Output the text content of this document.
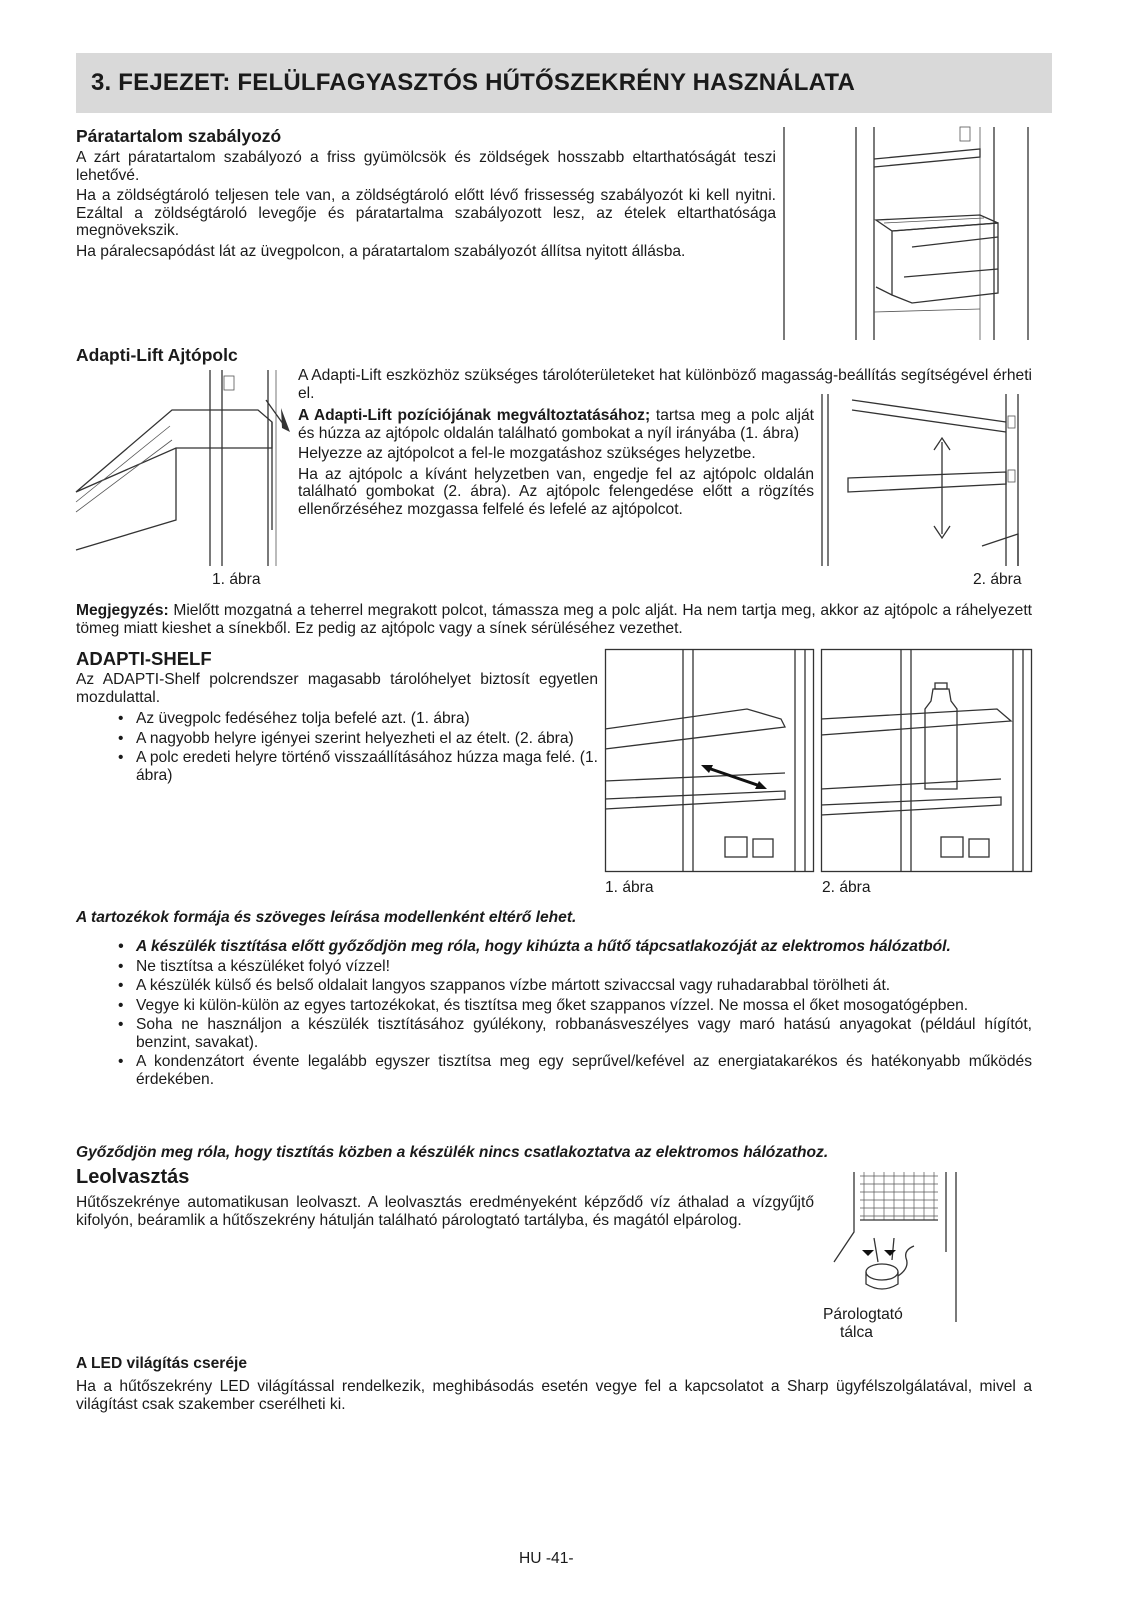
3. FEJEZET: FELÜLFAGYASZTÓS HŰTŐSZEKRÉNY HASZNÁLATA
Páratartalom szabályozó

A zárt páratartalom szabályozó a friss gyümölcsök és zöldségek hosszabb eltarthatóságát teszi lehetővé.

Ha a zöldségtároló teljesen tele van, a zöldségtároló előtt lévő frissesség szabályozót ki kell nyitni. Ezáltal a zöldségtároló levegője és páratartalma szabályozott lesz, az ételek eltarthatósága megnövekszik.

Ha páralecsapódást lát az üvegpolcon, a páratartalom szabályozót állítsa nyitott állásba.

Adapti-Lift Ajtópolc
1. ábra

A Adapti-Lift eszközhöz szükséges tárolóterületeket hat különböző magasság-beállítás segítségével érheti el.

A Adapti-Lift pozíciójának megváltoztatásához; tartsa meg a polc alját és húzza az ajtópolc oldalán található gombokat a nyíl irányába (1. ábra)

Helyezze az ajtópolcot a fel-le mozgatáshoz szükséges helyzetbe.

Ha az ajtópolc a kívánt helyzetben van, engedje fel az ajtópolc oldalán található gombokat (2. ábra). Az ajtópolc felengedése előtt a rögzítés ellenőrzéséhez mozgassa felfelé és lefelé az ajtópolcot.

2. ábra

Megjegyzés: Mielőtt mozgatná a teherrel megrakott polcot, támassza meg a polc alját. Ha nem tartja meg, akkor az ajtópolc a ráhelyezett tömeg miatt kieshet a sínekből. Ez pedig az ajtópolc vagy a sínek sérüléséhez vezethet.

ADAPTI-SHELF

Az ADAPTI-Shelf polcrendszer magasabb tárolóhelyet biztosít egyetlen mozdulattal.

• Az üvegpolc fedéséhez tolja befelé azt. (1. ábra)
• A nagyobb helyre igényei szerint helyezheti el az ételt. (2. ábra)
• A polc eredeti helyre történő visszaállításához húzza maga felé. (1. ábra)
1. ábra	2. ábra
A tartozékok formája és szöveges leírása modellenként eltérő lehet.
• A készülék tisztítása előtt győződjön meg róla, hogy kihúzta a hűtő tápcsatlakozóját az elektromos hálózatból.
• Ne tisztítsa a készüléket folyó vízzel!
• A készülék külső és belső oldalait langyos szappanos vízbe mártott szivaccsal vagy ruhadarabbal törölheti át.
• Vegye ki külön-külön az egyes tartozékokat, és tisztítsa meg őket szappanos vízzel. Ne mossa el őket mosogatógépben.
• Soha ne használjon a készülék tisztításához gyúlékony, robbanásveszélyes vagy maró hatású anyagokat (például hígítót, benzint, savakat).
• A kondenzátort évente legalább egyszer tisztítsa meg egy seprűvel/kefével az energiatakarékos és hatékonyabb működés érdekében.
Győződjön meg róla, hogy tisztítás közben a készülék nincs csatlakoztatva az elektromos hálózathoz.
Leolvasztás

Hűtőszekrénye automatikusan leolvaszt. A leolvasztás eredményeként képződő víz áthalad a vízgyűjtő kifolyón, beáramlik a hűtőszekrény hátulján található párologtató tartályba, és magától elpárolog.

Párologtató
tálca
A LED világítás cseréje

Ha a hűtőszekrény LED világítással rendelkezik, meghibásodás esetén vegye fel a kapcsolatot a Sharp ügyfélszolgálatával, mivel a világítást csak szakember cserélheti ki.

HU -41-
